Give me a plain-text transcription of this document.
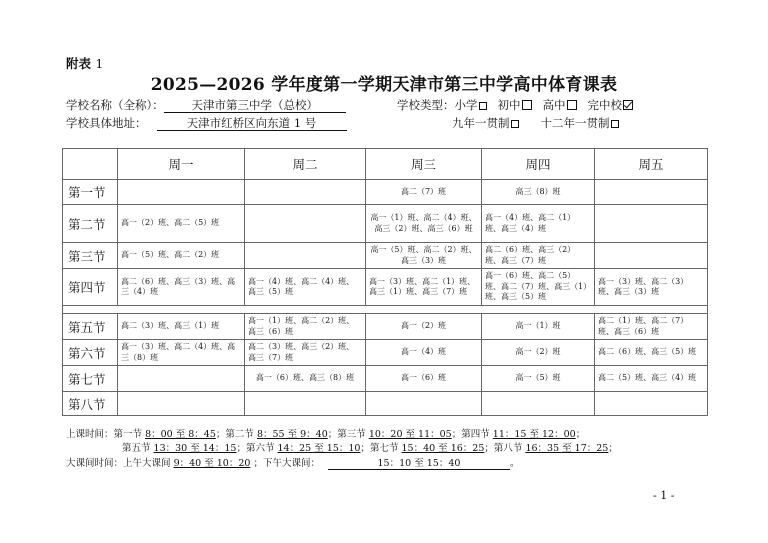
附表 1
2025—2026 学年度第一学期天津市第三中学高中体育课表
学校名称（全称）： 天津市第三中学（总校）	学校类型：小学 初中 高中 完中校
学校具体地址：	天津市红桥区向东道 1 号	九年一贯制	十二年一贯制
	周一	周二	周三	周四	周五
第一节			高二（7）班	高三（8）班	
第二节	高一（2）班、高二（5）班		高一（1）班、高二（4）班、高三（2）班、高三（6）班	高一（4）班、高二（1）班、高三（4）班	
第三节	高一（5）班、高二（2）班		高一（5）班、高二（2）班、高三（3）班	高二（6）班、高三（2）班、高三（7）班	
第四节	高二（6）班、高三（3）班、高三（4）班	高一（4）班、高二（4）班、高三（5）班	高一（3）班、高二（1）班、高三（1）班、高三（7）班	高一（6）班、高二（5）班、高二（7）班、高三（1）班、高三（5）班	高一（3）班、高二（3）班、高三（3）班

第五节	高二（3）班、高三（1）班	高一（1）班、高二（2）班、高三（6）班	高一（2）班	高一（1）班	高二（1）班、高二（7）班、高三（6）班
第六节	高一（3）班、高二（4）班、高三（8）班	高二（3）班、高三（2）班、高三（7）班	高一（4）班	高一（2）班	高二（6）班、高三（5）班
第七节		高一（6）班、高三（8）班	高一（6）班	高一（5）班	高二（5）班、高三（4）班
第八节					
上课时间：第一节 8：00 至 8：45；第二节 8：55 至 9：40；第三节 10：20 至 11：05；第四节 11：15 至 12：00；
第五节 13：30 至 14：15；第六节 14：25 至 15：10；第七节 15：40 至 16：25；第八节 16：35 至 17：25；
大课间时间：上午大课间 9：40 至 10：20 ；下午大课间：	15：10 至 15：40	。
- 1 -
